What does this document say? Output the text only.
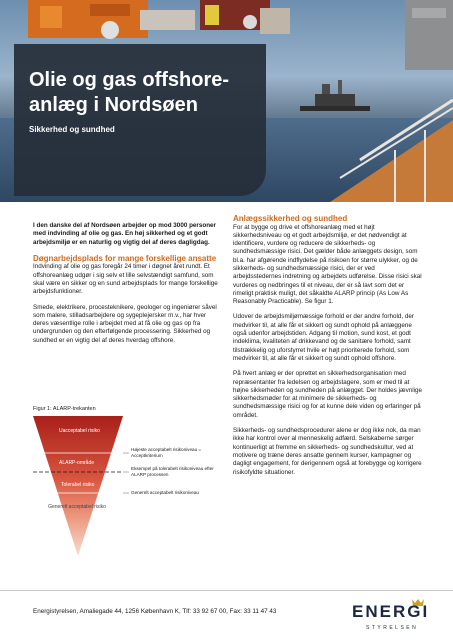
Olie og gas offshore-anlæg i Nordsøen

Sikkerhed og sundhed

I den danske del af Nordsøen arbejder op mod 3000 personer med indvinding af olie og gas. En høj sikkerhed og et godt arbejdsmiljø er en naturlig og vigtig del af deres dagligdag.

Døgnarbejdsplads for mange forskellige ansatte

Indvinding af olie og gas foregår 24 timer i døgnet året rundt. Et offshoreanlæg udgør i sig selv et lille selvstændigt samfund, som skal være en sikker og en sund arbejdsplads for mange forskellige arbejdsfunktioner.

Smede, elektrikere, procesteknikere, geologer og ingeniører såvel som malere, stilladsarbejdere og sygeplejersker m.v., har hver deres væsentlige rolle i arbejdet med at få olie og gas op fra undergrunden og den efterfølgende processering. Sikkerhed og sundhed er en vigtig del af deres hverdag offshore.

Figur 1: ALARP-trekanten
Uacceptabel risiko
ALARP-område
Tolerabel risiko
Generelt acceptabel risiko
Højeste acceptabelt risikoniveau = Acceptkriterium
Eksempel på tolerabelt risikoniveau efter ALARP processen
Generelt acceptabelt risikoniveau
Anlægssikkerhed og sundhed

For at bygge og drive et offshoreanlæg med et højt sikkerhedsniveau og et godt arbejdsmiljø, er det nødvendigt at identificere, vurdere og reducere de sikkerheds- og sundhedsmæssige risici. Det gælder både anlæggets design, som bl.a. har afgørende indflydelse på risikoen for større ulykker, og de sikkerheds- og sundhedsmæssige risici, der er ved arbejdsstedernes indretning og arbejdets udførelse. Disse risici skal vurderes og nedbringes til et niveau, der er så lavt som det er rimeligt praktisk muligt, det såkaldte ALARP princip (As Low As Reasonably Practicable). Se figur 1.

Udover de arbejdsmiljømæssige forhold er der andre forhold, der medvirker til, at alle får et sikkert og sundt ophold på anlæggene også udenfor arbejdstiden. Adgang til motion, sund kost, et godt indeklima, kvaliteten af drikkevand og de sanitære forhold, samt tilstrækkelig og uforstyrret hvile er højt prioriterede forhold, som medvirker til, at alle får et sikkert og sundt ophold offshore.

På hvert anlæg er der oprettet en sikkerhedsorganisation med repræsentanter fra ledelsen og arbejdstagere, som er med til at højne sikkerheden og sundheden på anlægget. Der holdes jævnlige sikkerhedsmøder for at minimere de sikkerheds- og sundhedsmæssige risici og for at kunne dele viden og erfaringer på området.

Sikkerheds- og sundhedsprocedurer alene er dog ikke nok, da man ikke har kontrol over al menneskelig adfærd. Selskaberne sørger kontinuerligt at fremme en sikkerheds- og sundhedskultur, ved at motivere og træne deres ansatte gennem kurser, kampagner og dagligt engagement, for derigennem også at forebygge og korrigere risikofyldte situationer.

Energistyrelsen, Amaliegade 44, 1256 København K, Tlf: 33 92 67 00, Fax: 33 11 47 43	ENERGI
STYRELSEN
